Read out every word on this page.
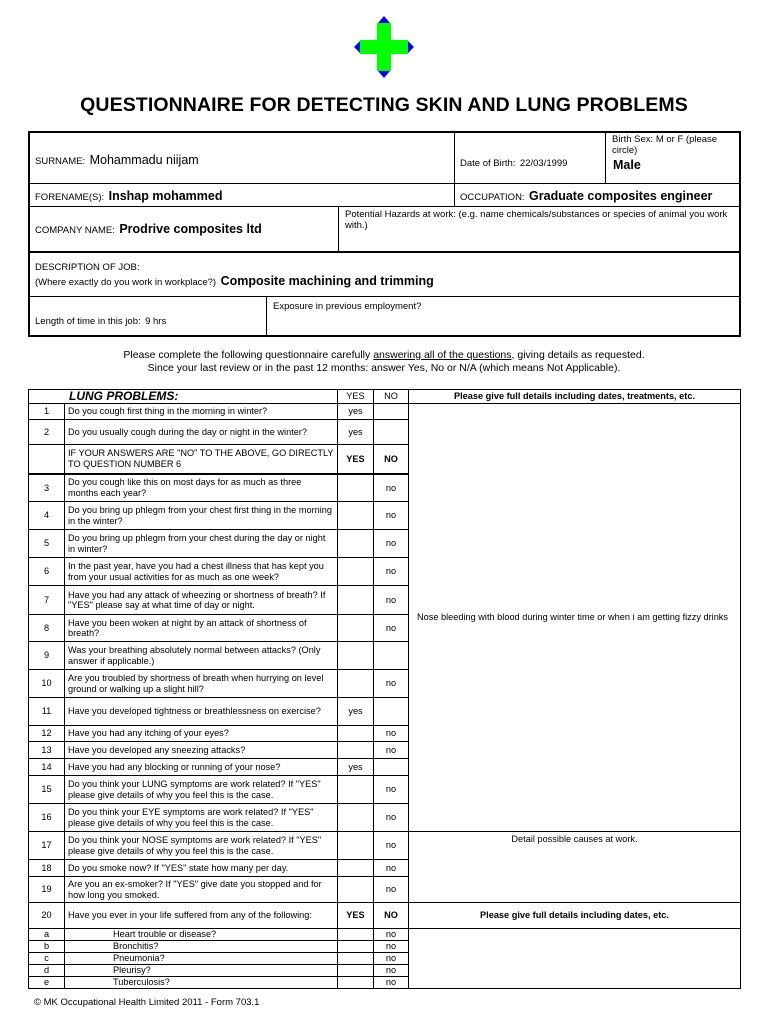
QUESTIONNAIRE FOR DETECTING SKIN AND LUNG PROBLEMS
SURNAME: Mohammadu niijam	Date of Birth: 22/03/1999
Birth Sex: M or F (please circle)
Male
FORENAME(S): Inshap mohammed	OCCUPATION: Graduate composites engineer
COMPANY NAME: Prodrive composites ltd
Potential Hazards at work: (e.g. name chemicals/substances or species of animal you work with.)
DESCRIPTION OF JOB:
(Where exactly do you work in workplace?) Composite machining and trimming
Length of time in this job: 9 hrs
Exposure in previous employment?
Please complete the following questionnaire carefully answering all of the questions, giving details as requested.
Since your last review or in the past 12 months: answer Yes, No or N/A (which means Not Applicable).
LUNG PROBLEMS:		YES	NO	Please give full details including dates, treatments, etc.
1	Do you cough first thing in the morning in winter?	yes		Nose bleeding with blood during winter time or when i am getting fizzy drinks
2	Do you usually cough during the day or night in the winter?	yes		
	IF YOUR ANSWERS ARE "NO" TO THE ABOVE, GO DIRECTLY TO QUESTION NUMBER 6	YES	NO	
3	Do you cough like this on most days for as much as three months each year?		no	
4	Do you bring up phlegm from your chest first thing in the morning in the winter?		no	
5	Do you bring up phlegm from your chest during the day or night in winter?		no	
6	In the past year, have you had a chest illness that has kept you from your usual activities for as much as one week?		no	
7	Have you had any attack of wheezing or shortness of breath? If "YES" please say at what time of day or night.		no	
8	Have you been woken at night by an attack of shortness of breath?		no	
9	Was your breathing absolutely normal between attacks? (Only answer if applicable.)			
10	Are you troubled by shortness of breath when hurrying on level ground or walking up a slight hill?		no	
11	Have you developed tightness or breathlessness on exercise?	yes		
12	Have you had any itching of your eyes?		no	
13	Have you developed any sneezing attacks?		no	
14	Have you had any blocking or running of your nose?	yes		
15	Do you think your LUNG symptoms are work related? If "YES" please give details of why you feel this is the case.		no	
16	Do you think your EYE symptoms are work related? If "YES" please give details of why you feel this is the case.		no	
17	Do you think your NOSE symptoms are work related? If "YES" please give details of why you feel this is the case.		no	Detail possible causes at work.
18	Do you smoke now? If "YES" state how many per day.		no	
19	Are you an ex-smoker? If "YES" give date you stopped and for how long you smoked.		no	
20	Have you ever in your life suffered from any of the following:	YES	NO	Please give full details including dates, etc.
a	Heart trouble or disease?		no	
b	Bronchitis?		no	
c	Pneumonia?		no	
d	Pleurisy?		no	
e	Tuberculosis?		no	
© MK Occupational Health Limited 2011 - Form 703.1
